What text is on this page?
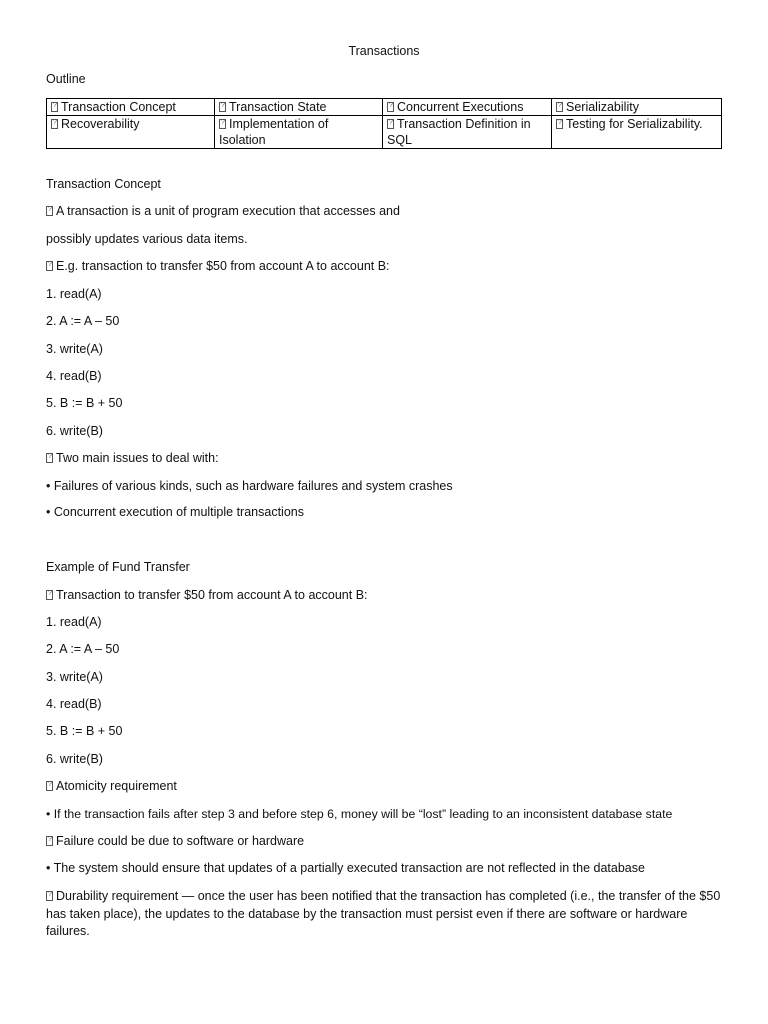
Transactions
Outline
?Transaction Concept	?Transaction State	?Concurrent Executions	?Serializability
?Recoverability	?Implementation of Isolation	?Transaction Definition in SQL	?Testing for Serializability.
Transaction Concept
?A transaction is a unit of program execution that accesses and
possibly updates various data items.
?E.g. transaction to transfer $50 from account A to account B:
1. read(A)
2. A := A – 50
3. write(A)
4. read(B)
5. B := B + 50
6. write(B)
?Two main issues to deal with:
• Failures of various kinds, such as hardware failures and system crashes
• Concurrent execution of multiple transactions
Example of Fund Transfer
?Transaction to transfer $50 from account A to account B:
1. read(A)
2. A := A – 50
3. write(A)
4. read(B)
5. B := B + 50
6. write(B)
?Atomicity requirement
• If the transaction fails after step 3 and before step 6, money will be “lost” leading to an inconsistent database state
?Failure could be due to software or hardware
• The system should ensure that updates of a partially executed transaction are not reflected in the database
?Durability requirement — once the user has been notified that the transaction has completed (i.e., the transfer of the $50 has taken place), the updates to the database by the transaction must persist even if there are software or hardware failures.
